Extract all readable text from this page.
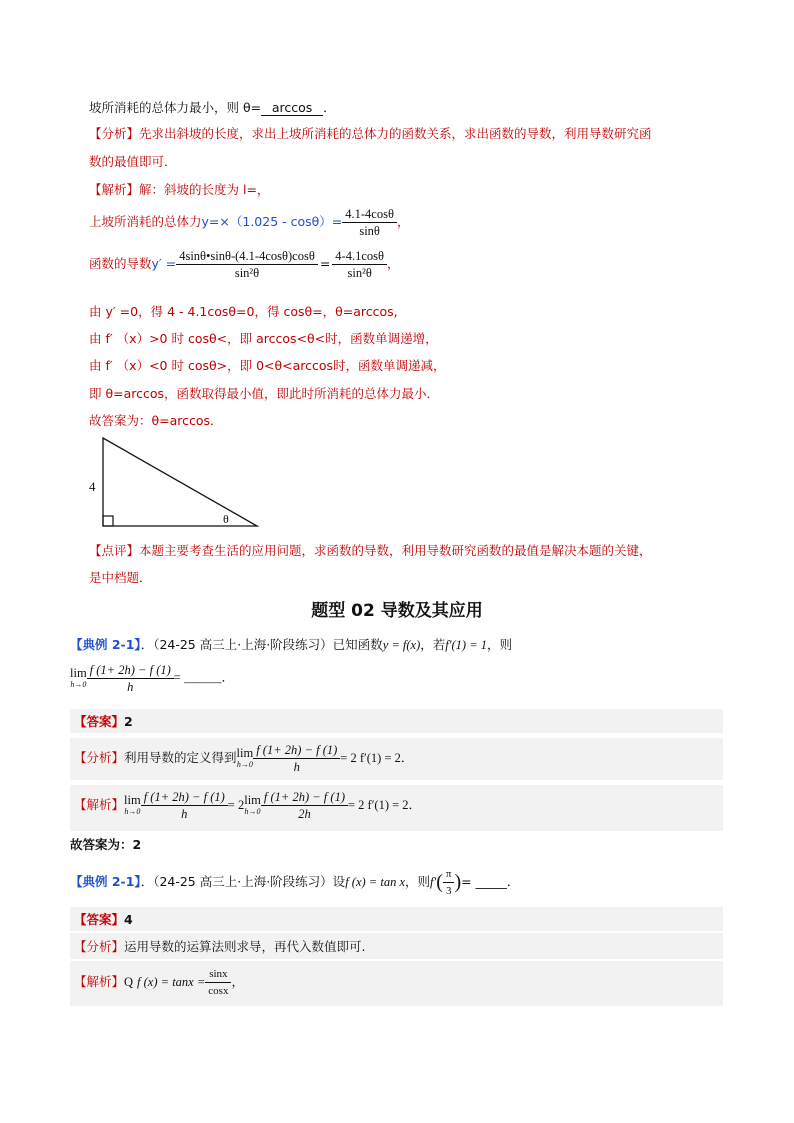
坡所消耗的总体力最小，则 θ= arccos ．
【分析】先求出斜坡的长度，求出上坡所消耗的总体力的函数关系，求出函数的导数，利用导数研究函
数的最值即可．
【解析】解：斜坡的长度为 l=，
上坡所消耗的总体力$y=\times(1.025 - \cos\theta)= \frac{4.1-4\cos\theta}{\sin\theta}$ ，
函数的导数$y' = \frac{4\sin\theta•\sin\theta-(4.1-4\cos\theta)\cos\theta}{\text{sin²θ}} = \frac{4-4.1\cos\theta}{\text{sin²θ}}$ ，
由 y′ =0，得 4 - 4.1cosθ=0，得 cosθ=，θ=arccos,
由 f′ （x）>0 时 cosθ<，即 arccos<θ<时，函数单调递增，
由 f′ （x）<0 时 cosθ>，即 0<θ<arccos时，函数单调递减，
即 θ=arccos，函数取得最小值，即此时所消耗的总体力最小．
故答案为：θ=arccos．
4
θ
【点评】本题主要考查生活的应用问题，求函数的导数，利用导数研究函数的最值是解决本题的关键，
是中档题．
题型 02 导数及其应用
【典例 2-1】．（24-25 高三上·上海·阶段练习）已知函数y = f(x)，若f′(1) = 1，则
lim
$h\to 0 \frac{f (1+ 2h) - f (1)}{h}$ = ______．
【答案】2
【分析】利用导数的定义得到lim
$h\to 0 \frac{f (1+ 2h) - f (1)}{h} = 2$ f′(1) = 2．
【解析】lim
$h\to 0 \frac{f (1+ 2h) - f (1)}{h} = 2\lim$
$h\to 0 \frac{f (1+ 2h) - f (1)}{2h} = 2$ f′(1) = 2．
故答案为：2
【典例 2-1】．（24-25 高三上·上海·阶段练习）设f (x) = tan x，则$f'( \frac{\pi}{3}$ )= _____．
【答案】4
【分析】运用导数的运算法则求导，再代入数值即可.
【解析】Q f $(x) = \tan x = \frac{\sin x}{\cos x}$ ，
